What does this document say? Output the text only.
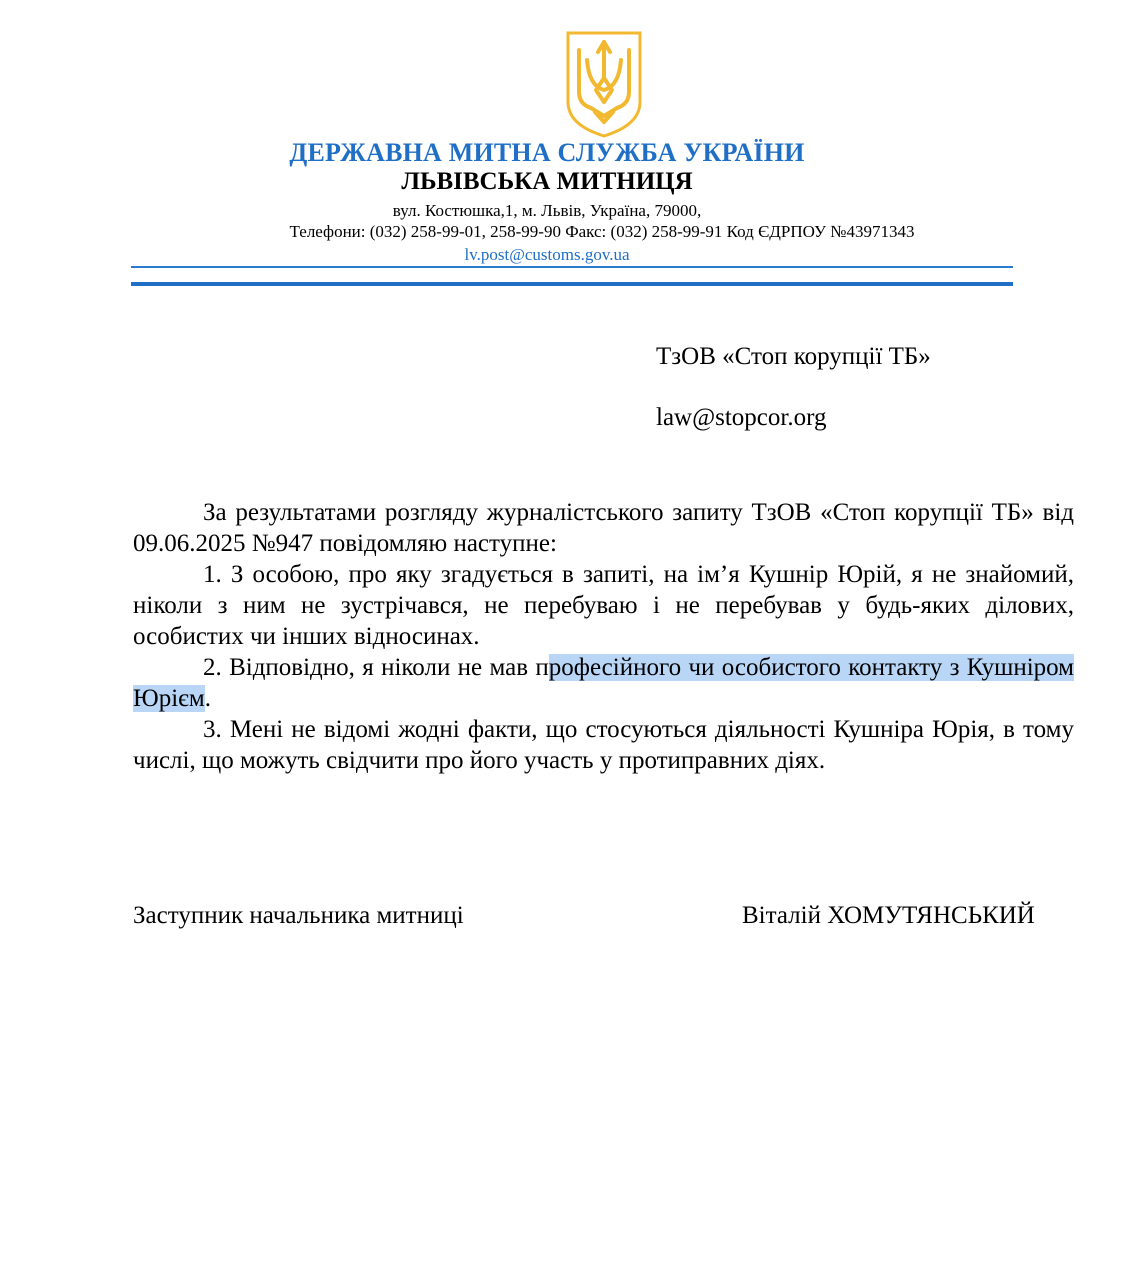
ДЕРЖАВНА МИТНА СЛУЖБА УКРАЇНИ
ЛЬВІВСЬКА МИТНИЦЯ
вул. Костюшка,1, м. Львів, Україна, 79000,
Телефони: (032) 258-99-01, 258-99-90 Факс: (032) 258-99-91 Код ЄДРПОУ №43971343
lv.post@customs.gov.ua
ТзОВ «Стоп корупції ТБ»
law@stopcor.org

За результатами розгляду журналістського запиту ТзОВ «Стоп корупції ТБ» від 09.06.2025 №947 повідомляю наступне:

1. З особою, про яку згадується в запиті, на ім’я Кушнір Юрій, я не знайомий, ніколи з ним не зустрічався, не перебуваю і не перебував у будь-яких ділових, особистих чи інших відносинах.

2. Відповідно, я ніколи не мав професійного чи особистого контакту з Кушніром Юрієм.

3. Мені не відомі жодні факти, що стосуються діяльності Кушніра Юрія, в тому числі, що можуть свідчити про його участь у протиправних діях.

Заступник начальника митниці	Віталій ХОМУТЯНСЬКИЙ
